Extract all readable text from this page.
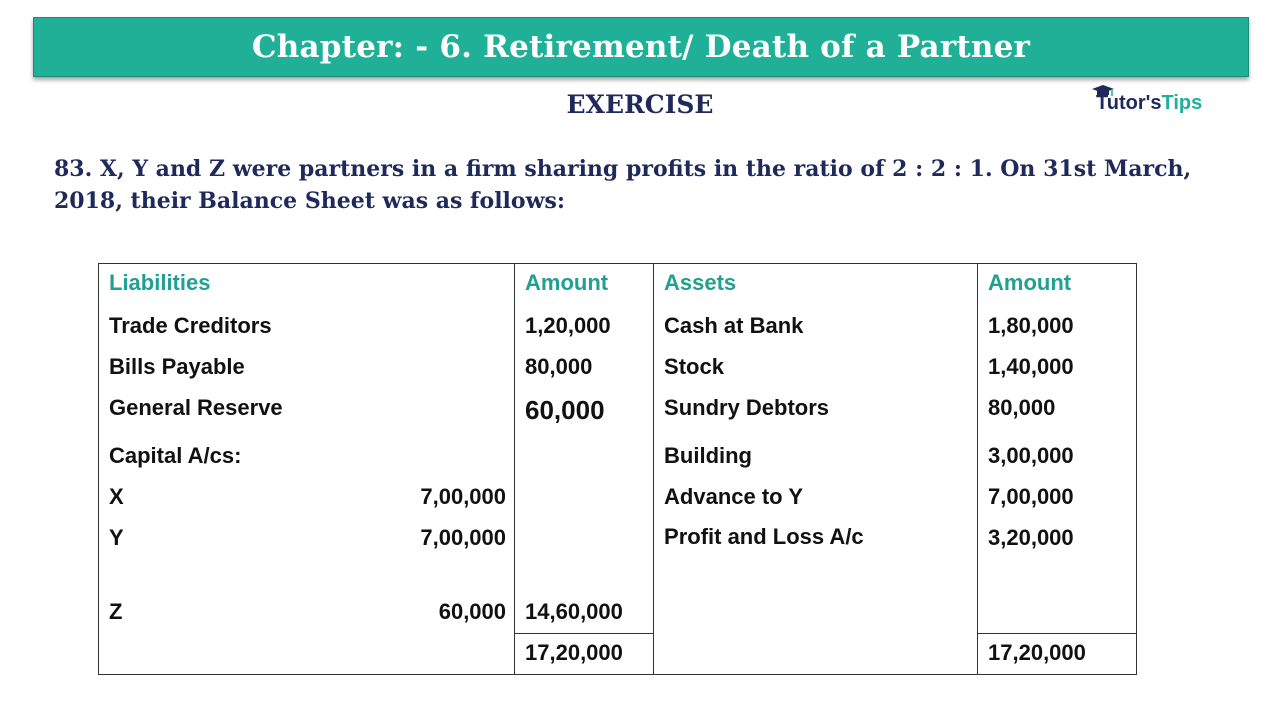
Chapter: - 6. Retirement/ Death of a Partner
EXERCISE	Tutor'sTips
83. X, Y and Z were partners in a firm sharing profits in the ratio of 2 : 2 : 1. On 31st March, 2018, their Balance Sheet was as follows:
Liabilities		Amount	Assets	Amount
Trade Creditors		1,20,000	Cash at Bank	1,80,000
Bills Payable		80,000	Stock	1,40,000
General Reserve		60,000	Sundry Debtors	80,000
Capital A/cs:			Building	3,00,000
X	7,00,000		Advance to Y	7,00,000
Y	7,00,000		Profit and Loss A/c	3,20,000
Z	60,000	14,60,000		
		17,20,000		17,20,000
